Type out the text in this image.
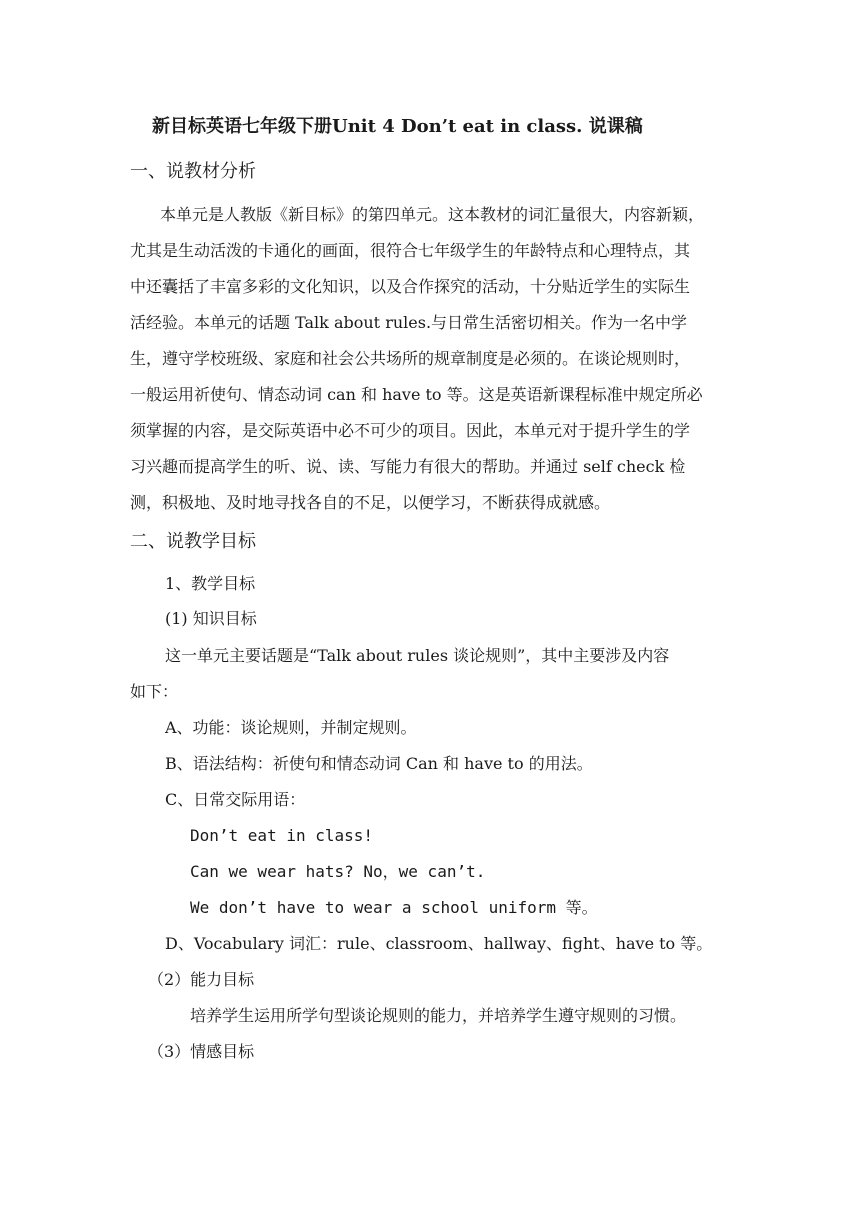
新目标英语七年级下册Unit 4 Don’t eat in class. 说课稿
一、说教材分析
本单元是人教版《新目标》的第四单元。这本教材的词汇量很大，内容新颖，
尤其是生动活泼的卡通化的画面，很符合七年级学生的年龄特点和心理特点，其
中还囊括了丰富多彩的文化知识，以及合作探究的活动，十分贴近学生的实际生
活经验。本单元的话题 Talk about rules.与日常生活密切相关。作为一名中学
生，遵守学校班级、家庭和社会公共场所的规章制度是必须的。在谈论规则时，
一般运用祈使句、情态动词 can 和 have to 等。这是英语新课程标准中规定所必
须掌握的内容，是交际英语中必不可少的项目。因此，本单元对于提升学生的学
习兴趣而提高学生的听、说、读、写能力有很大的帮助。并通过 self check 检
测，积极地、及时地寻找各自的不足，以便学习，不断获得成就感。
二、说教学目标
1、教学目标
(1) 知识目标
这一单元主要话题是“Talk about rules 谈论规则”，其中主要涉及内容
如下：
A、功能：谈论规则，并制定规则。
B、语法结构：祈使句和情态动词 Can 和 have to 的用法。
C、日常交际用语：
Don’t eat in class!
Can we wear hats? No，we can’t.
We don’t have to wear a school uniform 等。
D、Vocabulary 词汇：rule、classroom、hallway、fight、have to 等。
（2）能力目标
培养学生运用所学句型谈论规则的能力，并培养学生遵守规则的习惯。
（3）情感目标
